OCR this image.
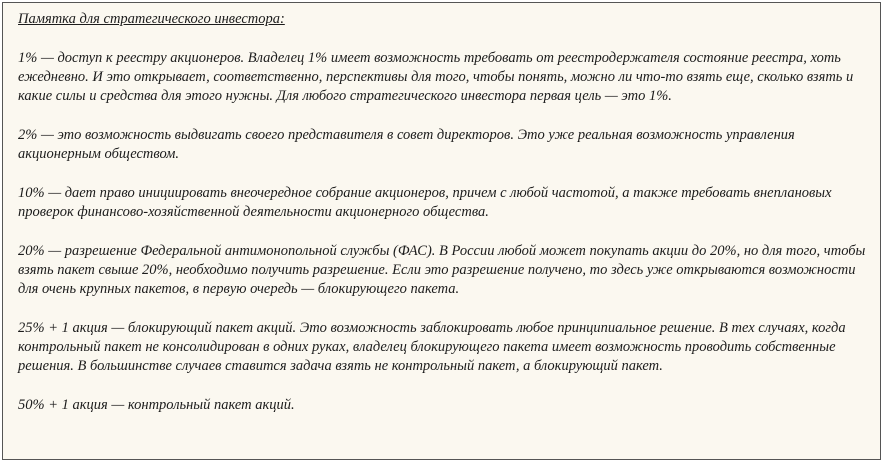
Памятка для стратегического инвестора:

1% — доступ к реестру акционеров. Владелец 1% имеет возможность требовать от реестродержателя состояние реестра, хоть ежедневно. И это открывает, соответственно, перспективы для того, чтобы понять, можно ли что-то взять еще, сколько взять и какие силы и средства для этого нужны. Для любого стратегического инвестора первая цель — это 1%.

2% — это возможность выдвигать своего представителя в совет директоров. Это уже реальная возможность управления акционерным обществом.

10% — дает право инициировать внеочередное собрание акционеров, причем с любой частотой, а также требовать внеплановых проверок финансово-хозяйственной деятельности акционерного общества.

20% — разрешение Федеральной антимонопольной службы (ФАС). В России любой может покупать акции до 20%, но для того, чтобы взять пакет свыше 20%, необходимо получить разрешение. Если это разрешение получено, то здесь уже открываются возможности для очень крупных пакетов, в первую очередь — блокирующего пакета.

25% + 1 акция — блокирующий пакет акций. Это возможность заблокировать любое принципиальное решение. В тех случаях, когда контрольный пакет не консолидирован в одних руках, владелец блокирующего пакета имеет возможность проводить собственные решения. В большинстве случаев ставится задача взять не контрольный пакет, а блокирующий пакет.

50% + 1 акция — контрольный пакет акций.
